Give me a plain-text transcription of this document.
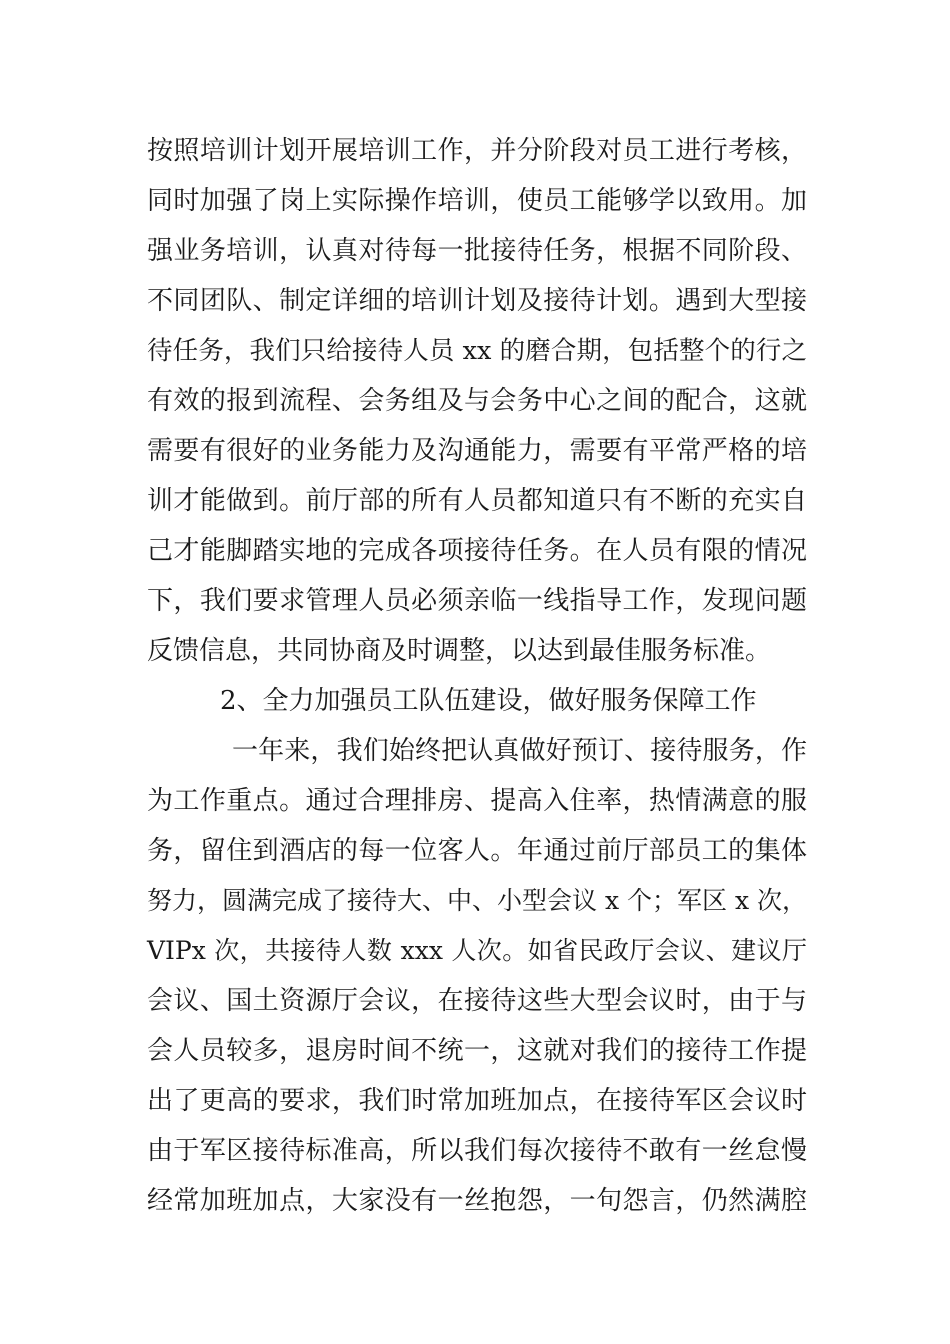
按照培训计划开展培训工作，并分阶段对员工进行考核，
同时加强了岗上实际操作培训，使员工能够学以致用。加
强业务培训，认真对待每一批接待任务，根据不同阶段、
不同团队、制定详细的培训计划及接待计划。遇到大型接
待任务，我们只给接待人员 xx 的磨合期，包括整个的行之
有效的报到流程、会务组及与会务中心之间的配合，这就
需要有很好的业务能力及沟通能力，需要有平常严格的培
训才能做到。前厅部的所有人员都知道只有不断的充实自
己才能脚踏实地的完成各项接待任务。在人员有限的情况
下，我们要求管理人员必须亲临一线指导工作，发现问题
反馈信息，共同协商及时调整，以达到最佳服务标准。
2、全力加强员工队伍建设，做好服务保障工作
一年来，我们始终把认真做好预订、接待服务，作
为工作重点。通过合理排房、提高入住率，热情满意的服
务，留住到酒店的每一位客人。年通过前厅部员工的集体
努力，圆满完成了接待大、中、小型会议 x 个；军区 x 次，
VIPx 次，共接待人数 xxx 人次。如省民政厅会议、建议厅
会议、国土资源厅会议，在接待这些大型会议时，由于与
会人员较多，退房时间不统一，这就对我们的接待工作提
出了更高的要求，我们时常加班加点，在接待军区会议时
由于军区接待标准高，所以我们每次接待不敢有一丝怠慢
经常加班加点，大家没有一丝抱怨，一句怨言，仍然满腔
